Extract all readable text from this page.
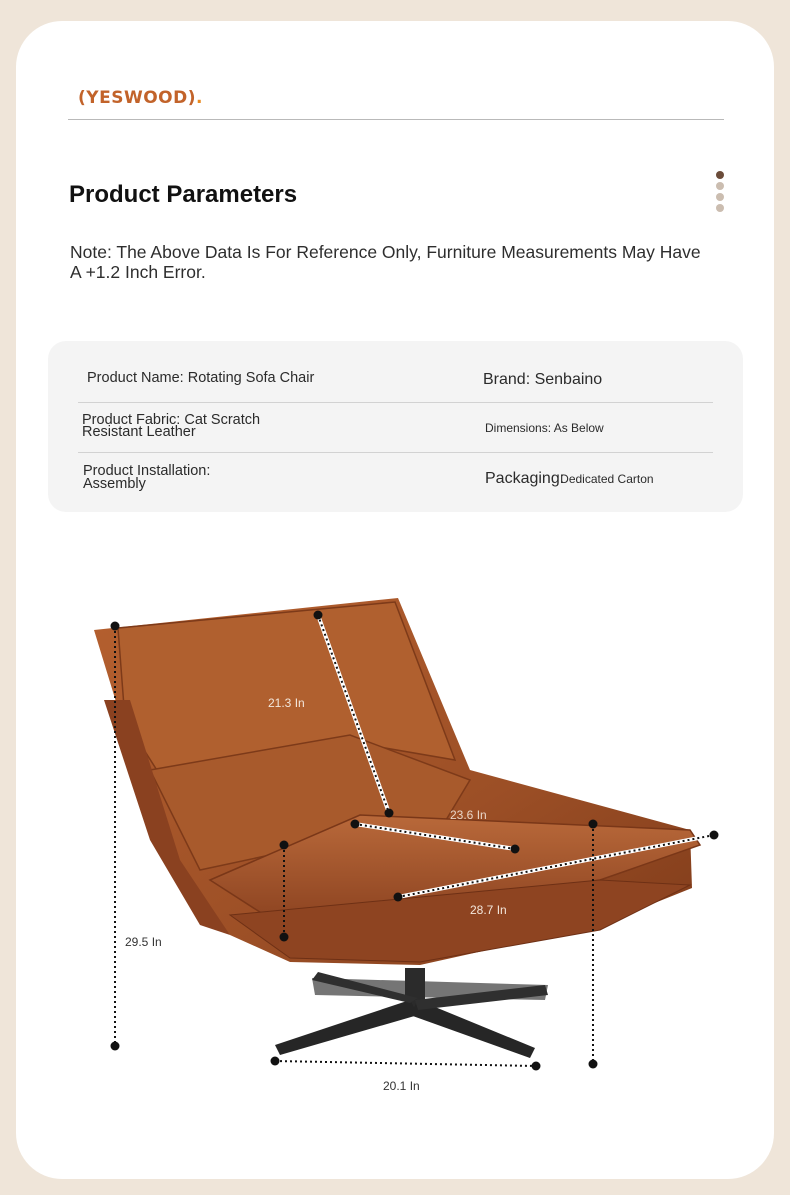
(YESWOOD).
Product Parameters
Note: The Above Data Is For Reference Only, Furniture Measurements May Have A +1.2 Inch Error.
Product Name: Rotating Sofa Chair	Brand: Senbaino
Product Fabric: Cat Scratch
Resistant Leather	Dimensions: As Below
Product Installation:
Assembly	Packaging:Dedicated Carton
21.3 In
23.6 In
28.7 In
29.5 In
20.1 In
